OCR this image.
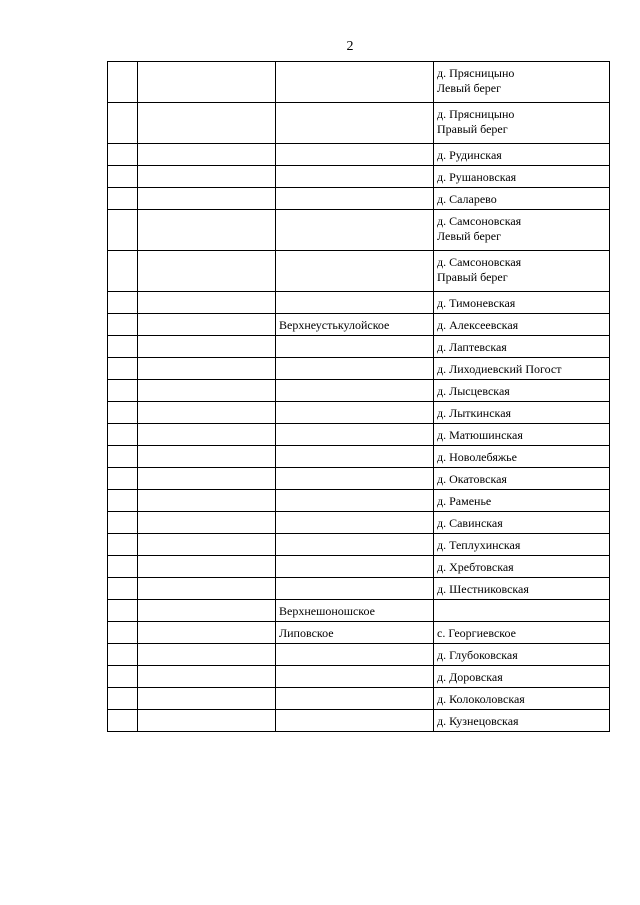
2
			д. Прясницыно
Левый берег
			д. Прясницыно
Правый берег
			д. Рудинская
			д. Рушановская
			д. Саларево
			д. Самсоновская
Левый берег
			д. Самсоновская
Правый берег
			д. Тимоневская
		Верхнеустькулойское	д. Алексеевская
			д. Лаптевская
			д. Лиходиевский Погост
			д. Лысцевская
			д. Лыткинская
			д. Матюшинская
			д. Новолебяжье
			д. Окатовская
			д. Раменье
			д. Савинская
			д. Теплухинская
			д. Хребтовская
			д. Шестниковская
		Верхнешоношское	
		Липовское	с. Георгиевское
			д. Глубоковская
			д. Доровская
			д. Колоколовская
			д. Кузнецовская
